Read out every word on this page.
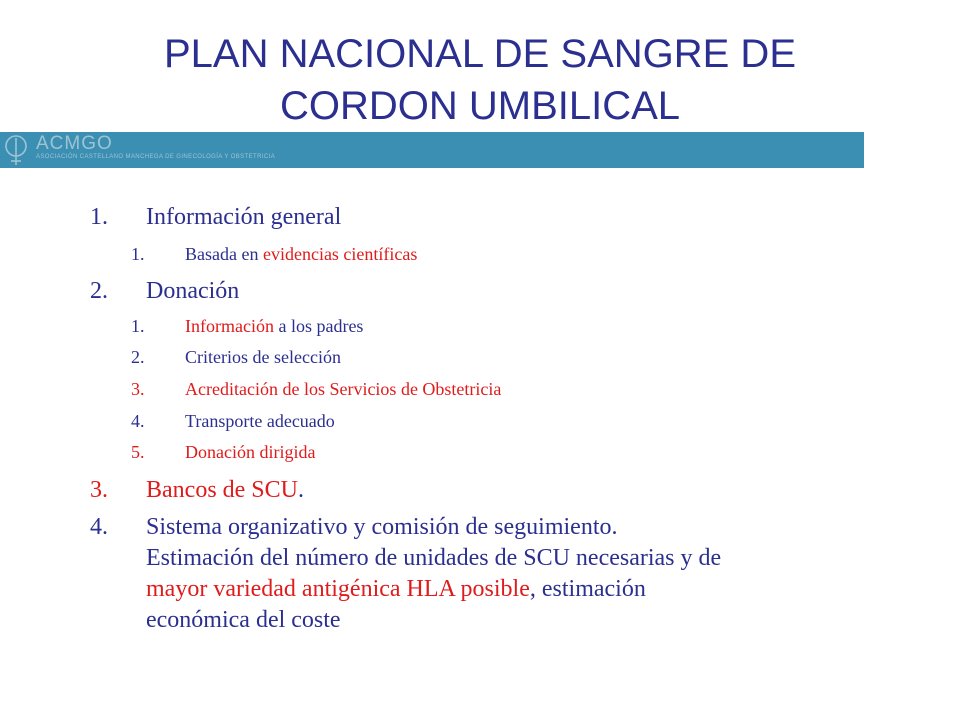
PLAN NACIONAL DE SANGRE DE
CORDON UMBILICAL
ACMGO
ASOCIACIÓN CASTELLANO MANCHEGA DE GINECOLOGÍA Y OBSTETRICIA
1. Información general
1. Basada en evidencias científicas
2. Donación
1. Información a los padres
2. Criterios de selección
3. Acreditación de los Servicios de Obstetricia
4. Transporte adecuado
5. Donación dirigida
3. Bancos de SCU.
4. Sistema organizativo y comisión de seguimiento.
Estimación del número de unidades de SCU necesarias y de
mayor variedad antigénica HLA posible, estimación
económica del coste
